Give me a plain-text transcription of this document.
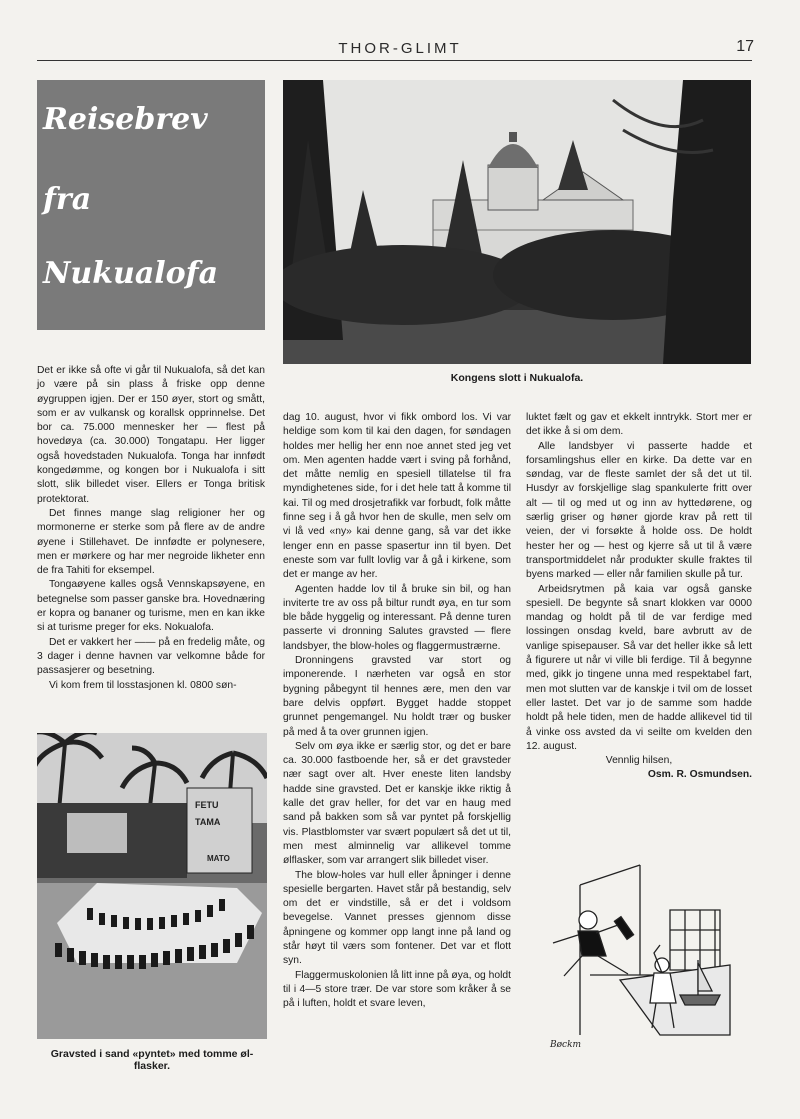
THOR-GLIMT	17
Reisebrev
fra
Nukualofa
Kongens slott i Nukualofa.

Det er ikke så ofte vi går til Nukualofa, så det kan jo være på sin plass å friske opp denne øygruppen igjen. Der er 150 øyer, stort og smått, som er av vulkansk og korallsk opprinnelse. Det bor ca. 75.000 mennesker her — flest på hovedøya (ca. 30.000) Tongatapu. Her ligger også hovedstaden Nukualofa. Tonga har innfødt kongedømme, og kongen bor i Nukualofa i sitt slott, slik billedet viser. Ellers er Tonga britisk protektorat.

Det finnes mange slag religioner her og mormonerne er sterke som på flere av de andre øyene i Stillehavet. De innfødte er polynesere, men er mørkere og har mer negroide likheter enn de fra Tahiti for eksempel.

Tongaøyene kalles også Vennskapsøyene, en betegnelse som passer ganske bra. Hovednæring er kopra og bananer og turisme, men en kan ikke si at turisme preger for eks. Nokualofa.

Det er vakkert her —— på en fredelig måte, og 3 dager i denne havnen var velkomne både for passasjerer og besetning.

Vi kom frem til losstasjonen kl. 0800 søn-

FETU
TAMA
MATO
Gravsted i sand «pyntet» med tomme øl-flasker.

dag 10. august, hvor vi fikk ombord los. Vi var heldige som kom til kai den dagen, for søndagen holdes mer hellig her enn noe annet sted jeg vet om. Men agenten hadde vært i sving på forhånd, det måtte nemlig en spesiell tillatelse til fra myndighetenes side, for i det hele tatt å komme til kai. Til og med drosjetrafikk var forbudt, folk måtte finne seg i å gå hvor hen de skulle, men selv om vi lå ved «ny» kai denne gang, så var det ikke lenger enn en passe spasertur inn til byen. Det eneste som var fullt lovlig var å gå i kirkene, som det er mange av her.

Agenten hadde lov til å bruke sin bil, og han inviterte tre av oss på biltur rundt øya, en tur som ble både hyggelig og interessant. På denne turen passerte vi dronning Salutes gravsted — flere landsbyer, the blow-holes og flaggermustrærne.

Dronningens gravsted var stort og imponerende. I nærheten var også en stor bygning påbegynt til hennes ære, men den var bare delvis oppført. Bygget hadde stoppet grunnet pengemangel. Nu holdt trær og busker på med å ta over grunnen igjen.

Selv om øya ikke er særlig stor, og det er bare ca. 30.000 fastboende her, så er det gravsteder nær sagt over alt. Hver eneste liten landsby hadde sine gravsted. Det er kanskje ikke riktig å kalle det grav heller, for det var en haug med sand på bakken som så var pyntet på forskjellig vis. Plastblomster var svært populært så det ut til, men mest alminnelig var allikevel tomme ølflasker, som var arrangert slik billedet viser.

The blow-holes var hull eller åpninger i denne spesielle bergarten. Havet står på bestandig, selv om det er vindstille, så er det i voldsom bevegelse. Vannet presses gjennom disse åpningene og kommer opp langt inne på land og står høyt til værs som fontener. Det var et flott syn.

Flaggermuskolonien lå litt inne på øya, og holdt til i 4—5 store trær. De var store som kråker å se på i luften, holdt et svare leven,

luktet fælt og gav et ekkelt inntrykk. Stort mer er det ikke å si om dem.

Alle landsbyer vi passerte hadde et forsamlingshus eller en kirke. Da dette var en søndag, var de fleste samlet der så det ut til. Husdyr av forskjellige slag spankulerte fritt over alt — til og med ut og inn av hyttedørene, og særlig griser og høner gjorde krav på rett til veien, der vi forsøkte å holde oss. De holdt hester her og — hest og kjerre så ut til å være transportmiddelet når produkter skulle fraktes til byens marked — eller når familien skulle på tur.

Arbeidsrytmen på kaia var også ganske spesiell. De begynte så snart klokken var 0000 mandag og holdt på til de var ferdige med lossingen onsdag kveld, bare avbrutt av de vanlige spisepauser. Så var det heller ikke så lett å figurere ut når vi ville bli ferdige. Til å begynne med, gikk jo tingene unna med respektabel fart, men mot slutten var de kanskje i tvil om de losset eller lastet. Det var jo de samme som hadde holdt på hele tiden, men de hadde allikevel tid til å vinke oss avsted da vi seilte om kvelden den 12. august.

Vennlig hilsen,

Osm. R. Osmundsen.

Bøckm
